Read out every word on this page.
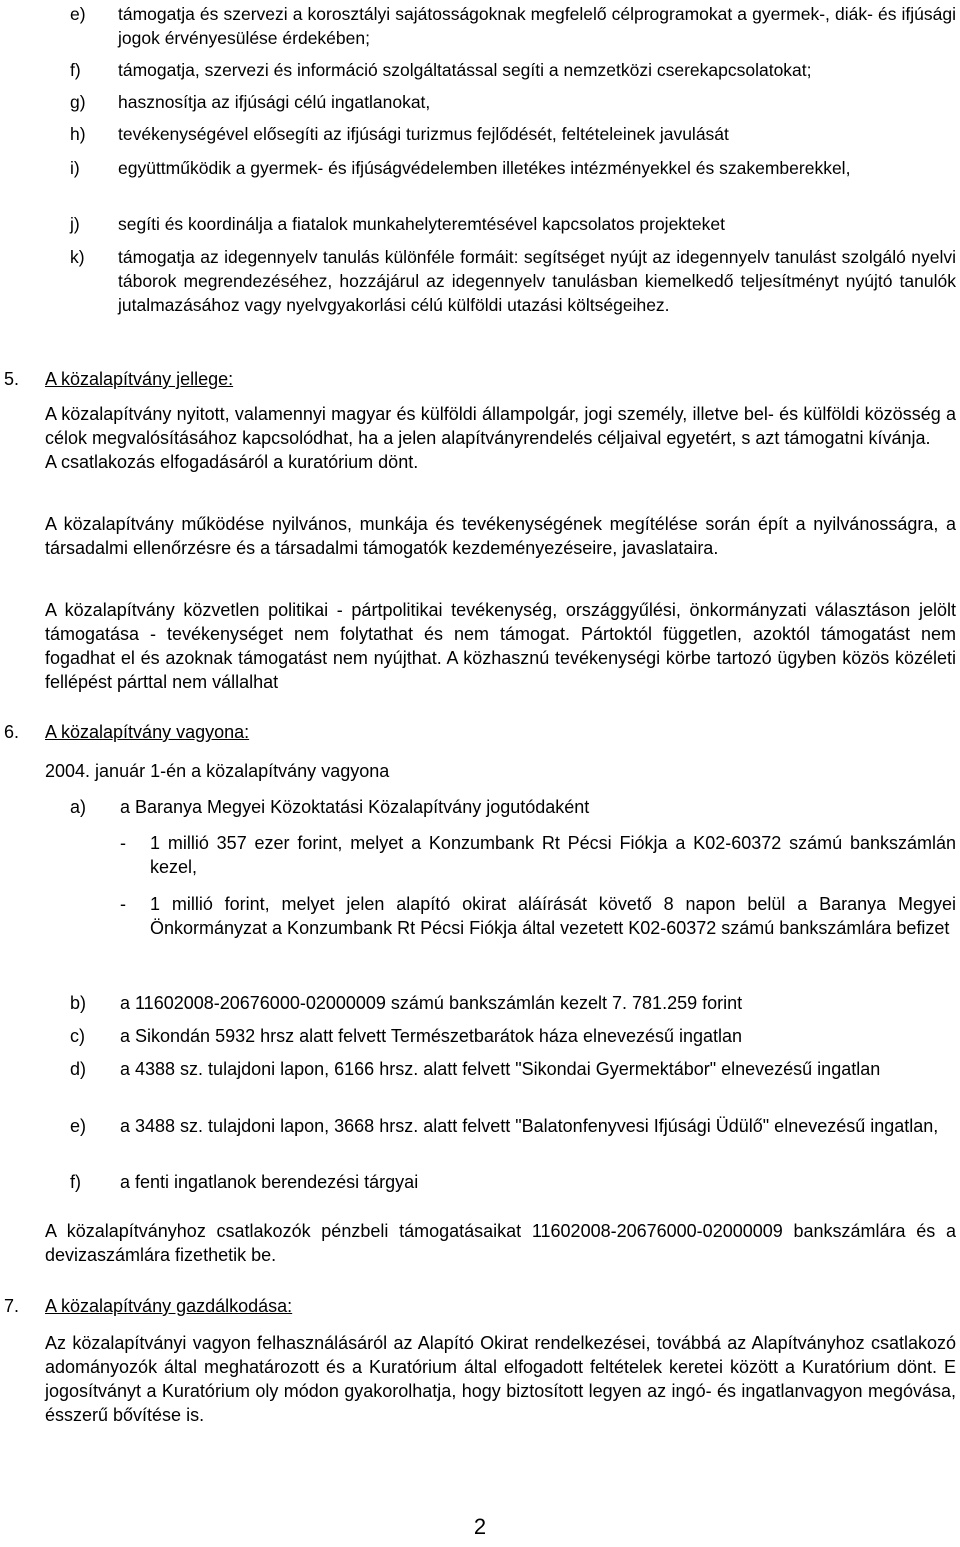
e)	támogatja és szervezi a korosztályi sajátosságoknak megfelelő célprogramokat a gyermek-, diák- és ifjúsági jogok érvényesülése érdekében;
f)	támogatja, szervezi és információ szolgáltatással segíti a nemzetközi cserekapcsolatokat;
g)	hasznosítja az ifjúsági célú ingatlanokat,
h)	tevékenységével elősegíti az ifjúsági turizmus fejlődését, feltételeinek javulását
i)	együttműködik a gyermek- és ifjúságvédelemben illetékes intézményekkel és szakemberekkel,
j)	segíti és koordinálja a fiatalok munkahelyteremtésével kapcsolatos projekteket
k)	támogatja az idegennyelv tanulás különféle formáit: segítséget nyújt az idegennyelv tanulást szolgáló nyelvi táborok megrendezéséhez, hozzájárul az idegennyelv tanulásban kiemelkedő teljesítményt nyújtó tanulók jutalmazásához vagy nyelvgyakorlási célú külföldi utazási költségeihez.
5.	A közalapítvány jellege:

A közalapítvány nyitott, valamennyi magyar és külföldi állampolgár, jogi személy, illetve bel- és külföldi közösség a célok megvalósításához kapcsolódhat, ha a jelen alapítványrendelés céljaival egyetért, s azt támogatni kívánja.

A csatlakozás elfogadásáról a kuratórium dönt.

A közalapítvány működése nyilvános, munkája és tevékenységének megítélése során épít a nyilvánosságra, a társadalmi ellenőrzésre és a társadalmi támogatók kezdeményezéseire, javaslataira.

A közalapítvány közvetlen politikai - pártpolitikai tevékenység, országgyűlési, önkormányzati választáson jelölt támogatása - tevékenységet nem folytathat és nem támogat. Pártoktól független, azoktól támogatást nem fogadhat el és azoknak támogatást nem nyújthat. A közhasznú tevékenységi körbe tartozó ügyben közös közéleti fellépést párttal nem vállalhat

6.	A közalapítvány vagyona:

2004. január 1-én a közalapítvány vagyona

a)	a Baranya Megyei Közoktatási Közalapítvány jogutódaként
-	1 millió 357 ezer forint, melyet a Konzumbank Rt Pécsi Fiókja a K02-60372 számú bankszámlán kezel,
-	1 millió forint, melyet jelen alapító okirat aláírását követő 8 napon belül a Baranya Megyei Önkormányzat a Konzumbank Rt Pécsi Fiókja által vezetett K02-60372 számú bankszámlára befizet
b)	a 11602008-20676000-02000009 számú bankszámlán kezelt 7. 781.259 forint
c)	a Sikondán 5932 hrsz alatt felvett Természetbarátok háza elnevezésű ingatlan
d)	a 4388 sz. tulajdoni lapon, 6166 hrsz. alatt felvett "Sikondai Gyermektábor" elnevezésű ingatlan
e)	a 3488 sz. tulajdoni lapon, 3668 hrsz. alatt felvett "Balatonfenyvesi Ifjúsági Üdülő" elnevezésű ingatlan,
f)	a fenti ingatlanok berendezési tárgyai

A közalapítványhoz csatlakozók pénzbeli támogatásaikat 11602008-20676000-02000009 bankszámlára és a devizaszámlára fizethetik be.

7.	A közalapítvány gazdálkodása:

Az közalapítványi vagyon felhasználásáról az Alapító Okirat rendelkezései, továbbá az Alapítványhoz csatlakozó adományozók által meghatározott és a Kuratórium által elfogadott feltételek keretei között a Kuratórium dönt. E jogosítványt a Kuratórium oly módon gyakorolhatja, hogy biztosított legyen az ingó- és ingatlanvagyon megóvása, ésszerű bővítése is.

2
